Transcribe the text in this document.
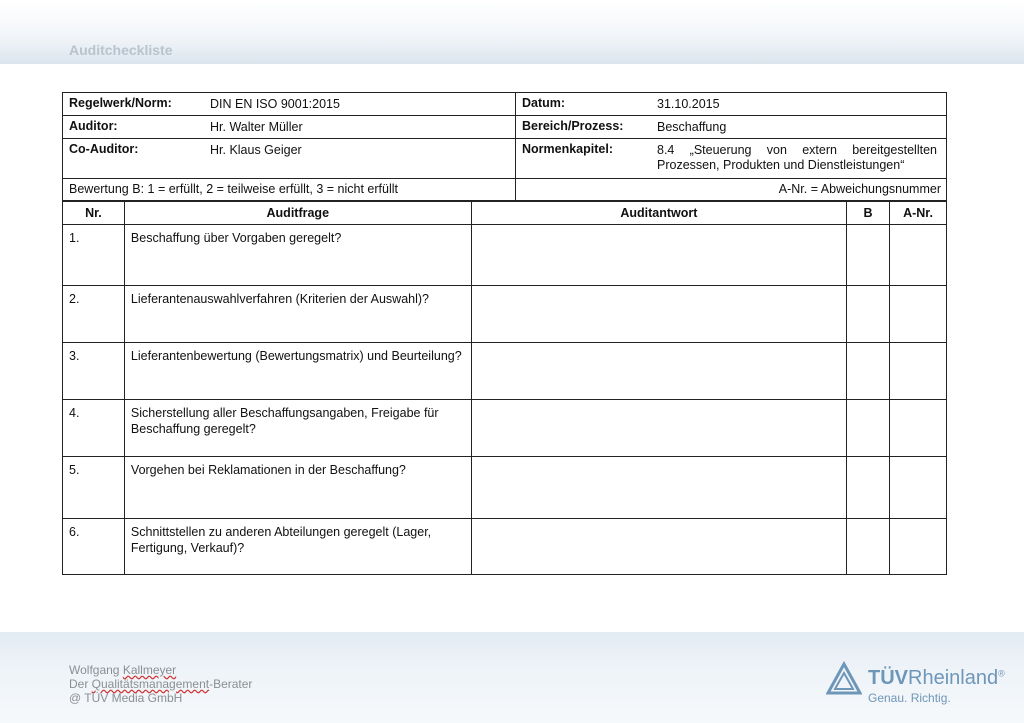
Auditcheckliste
Regelwerk/Norm: DIN EN ISO 9001:2015	Datum: 31.10.2015

Auditor: Hr. Walter Müller	Bereich/Prozess: Beschaffung

Co-Auditor: Hr. Klaus Geiger	Normenkapitel: 8.4 „Steuerung von extern bereitgestellten Prozessen, Produkten und Dienstleistungen“

Bewertung B: 1 = erfüllt, 2 = teilweise erfüllt, 3 = nicht erfüllt	A-Nr. = Abweichungsnummer
Nr.	Auditfrage	Auditantwort	B	A-Nr.
1.	Beschaffung über Vorgaben geregelt?			
2.	Lieferantenauswahlverfahren (Kriterien der Auswahl)?			
3.	Lieferantenbewertung (Bewertungsmatrix) und Beurteilung?			
4.	Sicherstellung aller Beschaffungsangaben, Freigabe für Beschaffung geregelt?			
5.	Vorgehen bei Reklamationen in der Beschaffung?			
6.	Schnittstellen zu anderen Abteilungen geregelt (Lager, Fertigung, Verkauf)?			
Wolfgang Kallmeyer
Der Qualitätsmanagement-Berater
@ TÜV Media GmbH
TÜVRheinland®
Genau. Richtig.
